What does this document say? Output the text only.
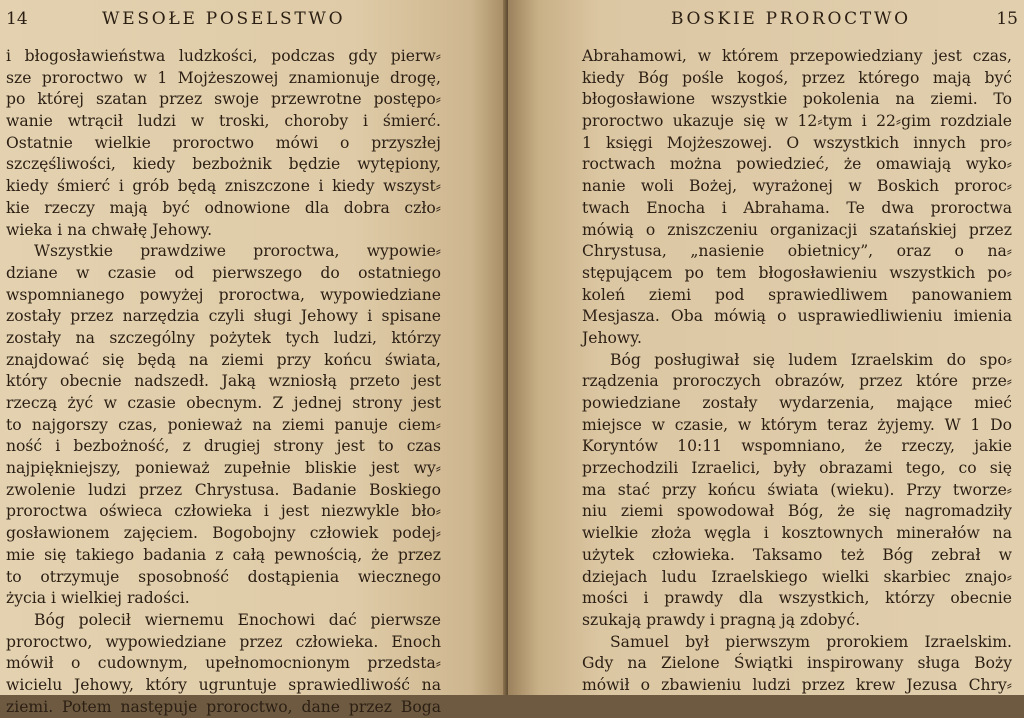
14	WESOŁE POSELSTWO
i błogosławieństwa ludzkości, podczas gdy pierw⸗
sze proroctwo w 1 Mojżeszowej znamionuje drogę,
po której szatan przez swoje przewrotne postępo⸗
wanie wtrącił ludzi w troski, choroby i śmierć.
Ostatnie wielkie proroctwo mówi o przyszłej
szczęśliwości, kiedy bezbożnik będzie wytępiony,
kiedy śmierć i grób będą zniszczone i kiedy wszyst⸗
kie rzeczy mają być odnowione dla dobra czło⸗
wieka i na chwałę Jehowy.
Wszystkie prawdziwe proroctwa, wypowie⸗
dziane w czasie od pierwszego do ostatniego
wspomnianego powyżej proroctwa, wypowiedziane
zostały przez narzędzia czyli sługi Jehowy i spisane
zostały na szczególny pożytek tych ludzi, którzy
znajdować się będą na ziemi przy końcu świata,
który obecnie nadszedł. Jaką wzniosłą przeto jest
rzeczą żyć w czasie obecnym. Z jednej strony jest
to najgorszy czas, ponieważ na ziemi panuje ciem⸗
ność i bezbożność, z drugiej strony jest to czas
najpiękniejszy, ponieważ zupełnie bliskie jest wy⸗
zwolenie ludzi przez Chrystusa. Badanie Boskiego
proroctwa oświeca człowieka i jest niezwykle bło⸗
gosławionem zajęciem. Bogobojny człowiek podej⸗
mie się takiego badania z całą pewnością, że przez
to otrzymuje sposobność dostąpienia wiecznego
życia i wielkiej radości.
Bóg polecił wiernemu Enochowi dać pierwsze
proroctwo, wypowiedziane przez człowieka. Enoch
mówił o cudownym, upełnomocnionym przedsta⸗
wicielu Jehowy, który ugruntuje sprawiedliwość na
ziemi. Potem następuje proroctwo, dane przez Boga
BOSKIE PROROCTWO	15
Abrahamowi, w którem przepowiedziany jest czas,
kiedy Bóg pośle kogoś, przez którego mają być
błogosławione wszystkie pokolenia na ziemi. To
proroctwo ukazuje się w 12⸗tym i 22⸗gim rozdziale
1 księgi Mojżeszowej. O wszystkich innych pro⸗
roctwach można powiedzieć, że omawiają wyko⸗
nanie woli Bożej, wyrażonej w Boskich proroc⸗
twach Enocha i Abrahama. Te dwa proroctwa
mówią o zniszczeniu organizacji szatańskiej przez
Chrystusa, „nasienie obietnicy”, oraz o na⸗
stępującem po tem błogosławieniu wszystkich po⸗
koleń ziemi pod sprawiedliwem panowaniem
Mesjasza. Oba mówią o usprawiedliwieniu imienia
Jehowy.
Bóg posługiwał się ludem Izraelskim do spo⸗
rządzenia proroczych obrazów, przez które prze⸗
powiedziane zostały wydarzenia, mające mieć
miejsce w czasie, w którym teraz żyjemy. W 1 Do
Koryntów 10:11 wspomniano, że rzeczy, jakie
przechodzili Izraelici, były obrazami tego, co się
ma stać przy końcu świata (wieku). Przy tworze⸗
niu ziemi spowodował Bóg, że się nagromadziły
wielkie złoża węgla i kosztownych minerałów na
użytek człowieka. Taksamo też Bóg zebrał w
dziejach ludu Izraelskiego wielki skarbiec znajo⸗
mości i prawdy dla wszystkich, którzy obecnie
szukają prawdy i pragną ją zdobyć.
Samuel był pierwszym prorokiem Izraelskim.
Gdy na Zielone Świątki inspirowany sługa Boży
mówił o zbawieniu ludzi przez krew Jezusa Chry⸗
